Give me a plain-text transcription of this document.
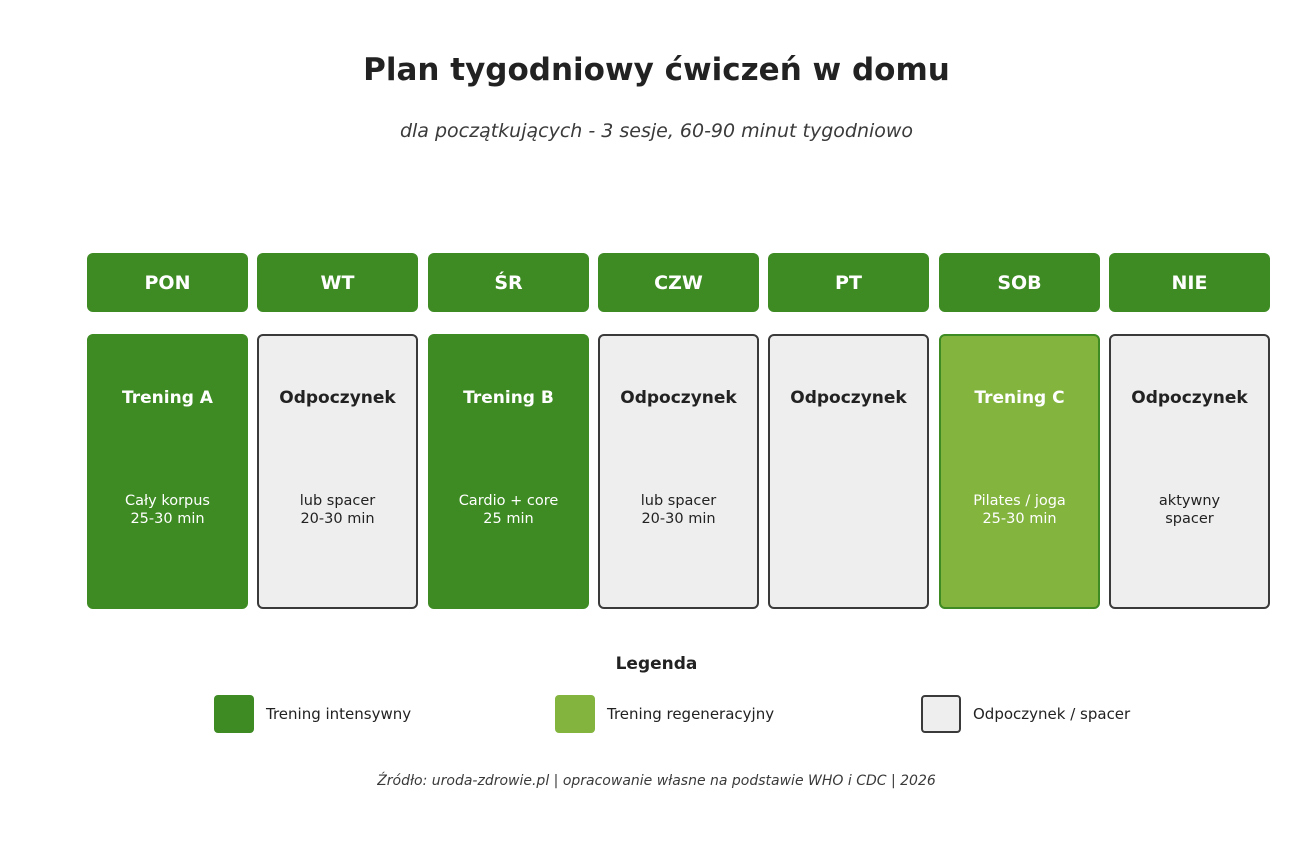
Plan tygodniowy ćwiczeń w domu
dla początkujących - 3 sesje, 60-90 minut tygodniowo
PON
Trening A
Cały korpus
25-30 min
WT
Odpoczynek
lub spacer
20-30 min
ŚR
Trening B
Cardio + core
25 min
CZW
Odpoczynek
lub spacer
20-30 min
PT
Odpoczynek
SOB
Trening C
Pilates / joga
25-30 min
NIE
Odpoczynek
aktywny
spacer
Legenda
Trening intensywny	Trening regeneracyjny	Odpoczynek / spacer
Źródło: uroda-zdrowie.pl | opracowanie własne na podstawie WHO i CDC | 2026
